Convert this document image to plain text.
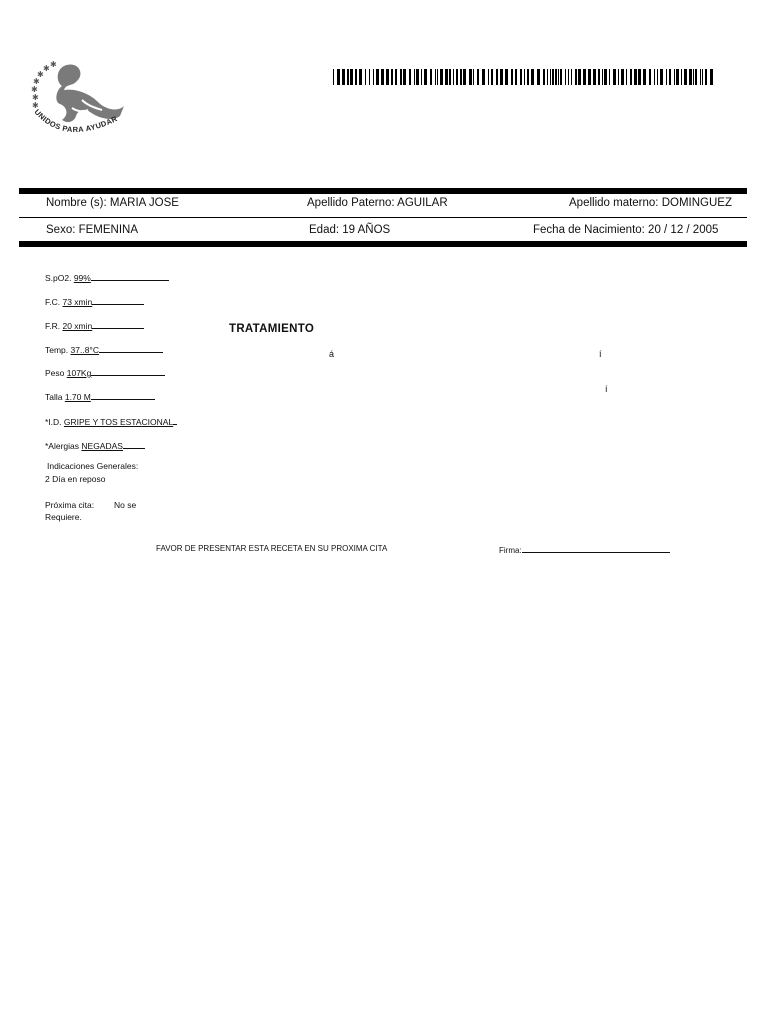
✱
✱
✱
✱
✱ ✱
✱
UNIDOS PARA AYUDAR
Nombre (s): MARIA JOSE	Apellido Paterno: AGUILAR	Apellido materno: DOMINGUEZ
Sexo: FEMENINA	Edad: 19 AÑOS	Fecha de Nacimiento: 20 / 12 / 2005
S.pO2. 99%
F.C. 73 xmin
F.R. 20 xmin
Temp. 37..8°C
Peso 107Kg
Talla 1.70 M
*I.D. GRIPE Y TOS ESTACIONAL
*Alergias NEGADAS
Indicaciones Generales:
2 Día en reposo
Próxima cita: No se
Requiere.
TRATAMIENTO
á	í
í
FAVOR DE PRESENTAR ESTA RECETA EN SU PROXIMA CITA	Firma:
